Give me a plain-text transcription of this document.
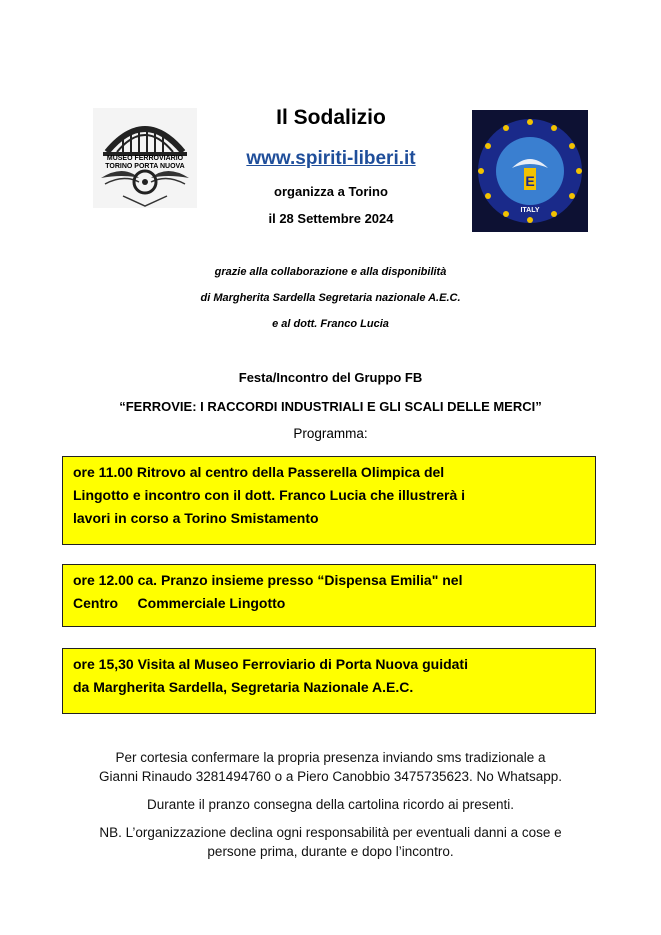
MUSEO FERROVIARIO
TORINO PORTA NUOVA
E
ITALY
Il Sodalizio
www.spiriti-liberi.it
organizza a Torino
il 28 Settembre 2024
grazie alla collaborazione e alla disponibilità
di Margherita Sardella Segretaria nazionale A.E.C.
e al dott. Franco Lucia
Festa/Incontro del Gruppo FB
“FERROVIE: I RACCORDI INDUSTRIALI E GLI SCALI DELLE MERCI”
Programma:
ore 11.00 Ritrovo al centro della Passerella Olimpica del
Lingotto e incontro con il dott. Franco Lucia che illustrerà i
lavori in corso a Torino Smistamento
ore 12.00 ca. Pranzo insieme presso “Dispensa Emilia" nel
Centro     Commerciale Lingotto
ore 15,30 Visita al Museo Ferroviario di Porta Nuova guidati
da Margherita Sardella, Segretaria Nazionale A.E.C.
Per cortesia confermare la propria presenza inviando sms tradizionale a
Gianni Rinaudo 3281494760 o a Piero Canobbio 3475735623. No Whatsapp.
Durante il pranzo consegna della cartolina ricordo ai presenti.
NB. L’organizzazione declina ogni responsabilità per eventuali danni a cose e
persone prima, durante e dopo l’incontro.
